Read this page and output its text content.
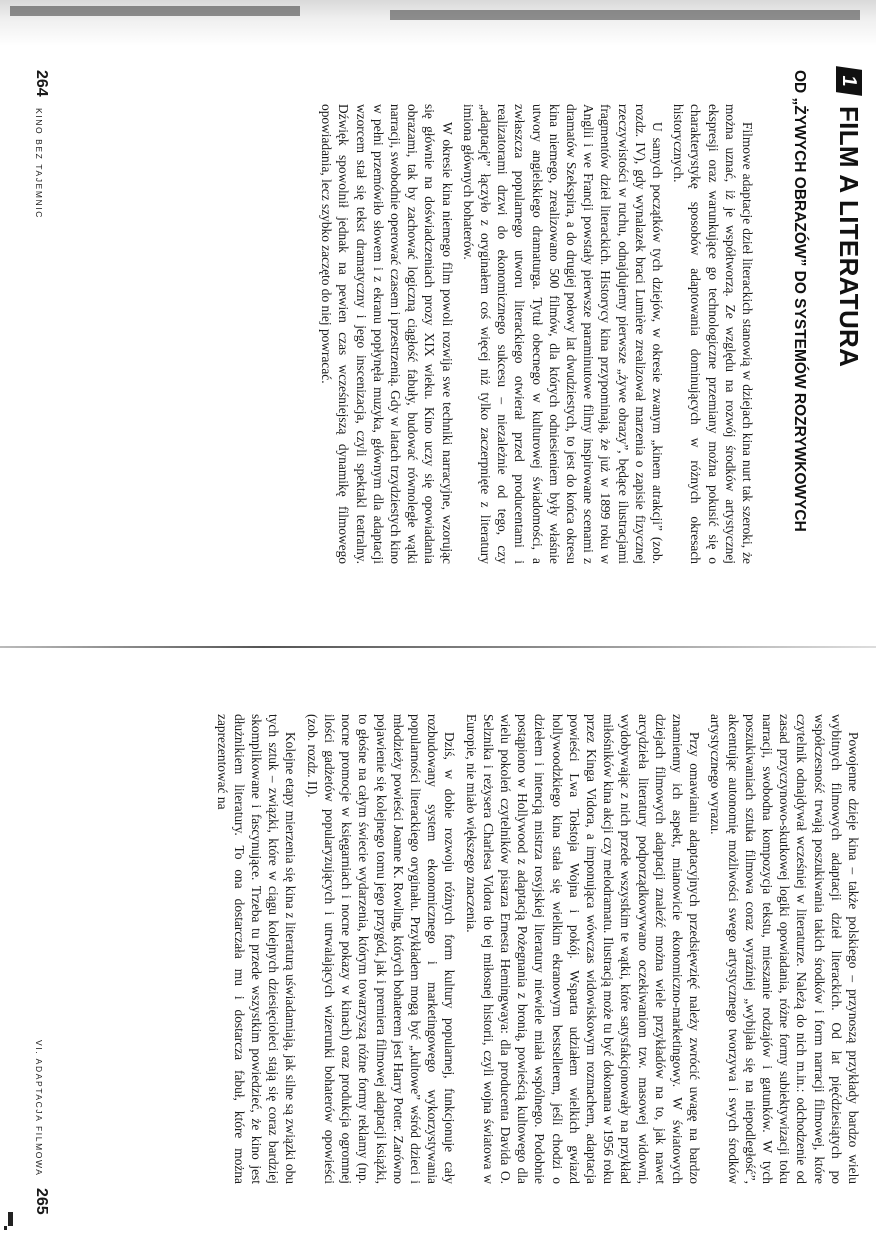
1
FILM A LITERATURA
OD „ŻYWYCH OBRAZÓW” DO SYSTEMÓW ROZRYWKOWYCH

Filmowe adaptacje dzieł literackich stanowią w dziejach kina nurt tak szeroki, że można uznać, iż je współtworzą. Ze względu na rozwój środków artystycznej ekspresji oraz warunkujące go technologiczne przemiany można pokusić się o charakterystykę sposobów adaptowania dominujących w różnych okresach historycznych.

U samych początków tych dziejów, w okresie zwanym „kinem atrakcji” (zob. rozdz. IV), gdy wynalazek braci Lumière zrealizował marzenia o zapisie fizycznej rzeczywistości w ruchu, odnajdujemy pierwsze „żywe obrazy”, będące ilustracjami fragmentów dzieł literackich. Historycy kina przypominają, że już w 1899 roku w Anglii i we Francji powstały pierwsze paraminutowe filmy inspirowane scenami z dramatów Szekspira, a do drugiej połowy lat dwudziestych, to jest do końca okresu kina niemego, zrealizowano 500 filmów, dla których odniesieniem były właśnie utwory angielskiego dramaturga. Tytuł obecnego w kulturowej świadomości, a zwłaszcza popularnego utworu literackiego otwierał przed producentami i realizatorami drzwi do ekonomicznego sukcesu – niezależnie od tego, czy „adaptację” łączyło z oryginałem coś więcej niż tylko zaczerpnięte z literatury imiona głównych bohaterów.

W okresie kina niemego film powoli rozwija swe techniki narracyjne, wzorując się głównie na doświadczeniach prozy XIX wieku. Kino uczy się opowiadania obrazami, tak by zachować logiczną ciągłość fabuły, budować równoległe wątki narracji, swobodnie operować czasem i przestrzenią. Gdy w latach trzydziestych kino w pełni przemówiło słowem i z ekranu popłynęła muzyka, głównym dla adaptacji wzorcem stał się tekst dramatyczny i jego inscenizacja, czyli spektakl teatralny. Dźwięk spowolnił jednak na pewien czas wcześniejszą dynamikę filmowego opowiadania, lecz szybko zaczęto do niej powracać.

264
KINO BEZ TAJEMNIC

Powojenne dzieje kina – także polskiego – przynoszą przykłady bardzo wielu wybitnych filmowych adaptacji dzieł literackich. Od lat pięćdziesiątych po współczesność trwają poszukiwania takich środków i form narracji filmowej, które czytelnik odnajdywał wcześniej w literaturze. Należą do nich m.in.: odchodzenie od zasad przyczynowo-skutkowej logiki opowiadania, różne formy subiektywizacji toku narracji, swobodna kompozycja tekstu, mieszanie rodzajów i gatunków. W tych poszukiwaniach sztuka filmowa coraz wyraźniej „wybijała się na niepodległość”, akcentując autonomię możliwości swego artystycznego tworzywa i swych środków artystycznego wyrazu.

Przy omawianiu adaptacyjnych przedsięwzięć należy zwrócić uwagę na bardzo znamienny ich aspekt, mianowicie ekonomiczno-marketingowy. W światowych dziejach filmowych adaptacji znaleźć można wiele przykładów na to, jak nawet arcydzieła literatury podporządkowywano oczekiwaniom tzw. masowej widowni, wydobywając z nich przede wszystkim te wątki, które satysfakcjonowały na przykład miłośników kina akcji czy melodramatu. Ilustracją może tu być dokonana w 1956 roku przez Kinga Vidora, a imponująca wówczas widowiskowym rozmachem, adaptacja powieści Lwa Tołstoja Wojna i pokój. Wsparta udziałem wielkich gwiazd hollywoodzkiego kina stała się wielkim ekranowym bestsellerem, jeśli chodzi o dziełem i intencją mistrza rosyjskiej literatury niewiele miała wspólnego. Podobnie postąpiono w Hollywood z adaptacją Pożegnania z bronią, powieścią kultowego dla wielu pokoleń czytelników pisarza Ernesta Hemingwaya: dla producenta Davida O. Selznika i reżysera Charlesa Vidora tło tej miłosnej historii, czyli wojna światowa w Europie, nie miało większego znaczenia.

Dziś, w dobie rozwoju różnych form kultury popularnej, funkcjonuje cały rozbudowany system ekonomicznego i marketingowego wykorzystywania popularności literackiego oryginału. Przykładem mogą być „kultowe” wśród dzieci i młodzieży powieści Joanne K. Rowling, których bohaterem jest Harry Potter. Zarówno pojawienie się kolejnego tomu jego przygód, jak i premiera filmowej adaptacji książki, to głośne na całym świecie wydarzenia, którym towarzyszą różne formy reklamy (np. nocne promocje w księgarniach i nocne pokazy w kinach) oraz produkcja ogromnej ilości gadżetów popularyzujących i utrwalających wizerunki bohaterów opowieści (zob. rozdz. II).

Kolejne etapy mierzenia się kina z literaturą uświadamiają, jak silne są związki obu tych sztuk – związki, które w ciągu kolejnych dziesięcioleci stają się coraz bardziej skomplikowane i fascynujące. Trzeba tu przede wszystkim powiedzieć, że kino jest dłużnikiem literatury. To ona dostarczała mu i dostarcza fabuł, które można zaprezentować na

VI. ADAPTACJA FILMOWA
265
